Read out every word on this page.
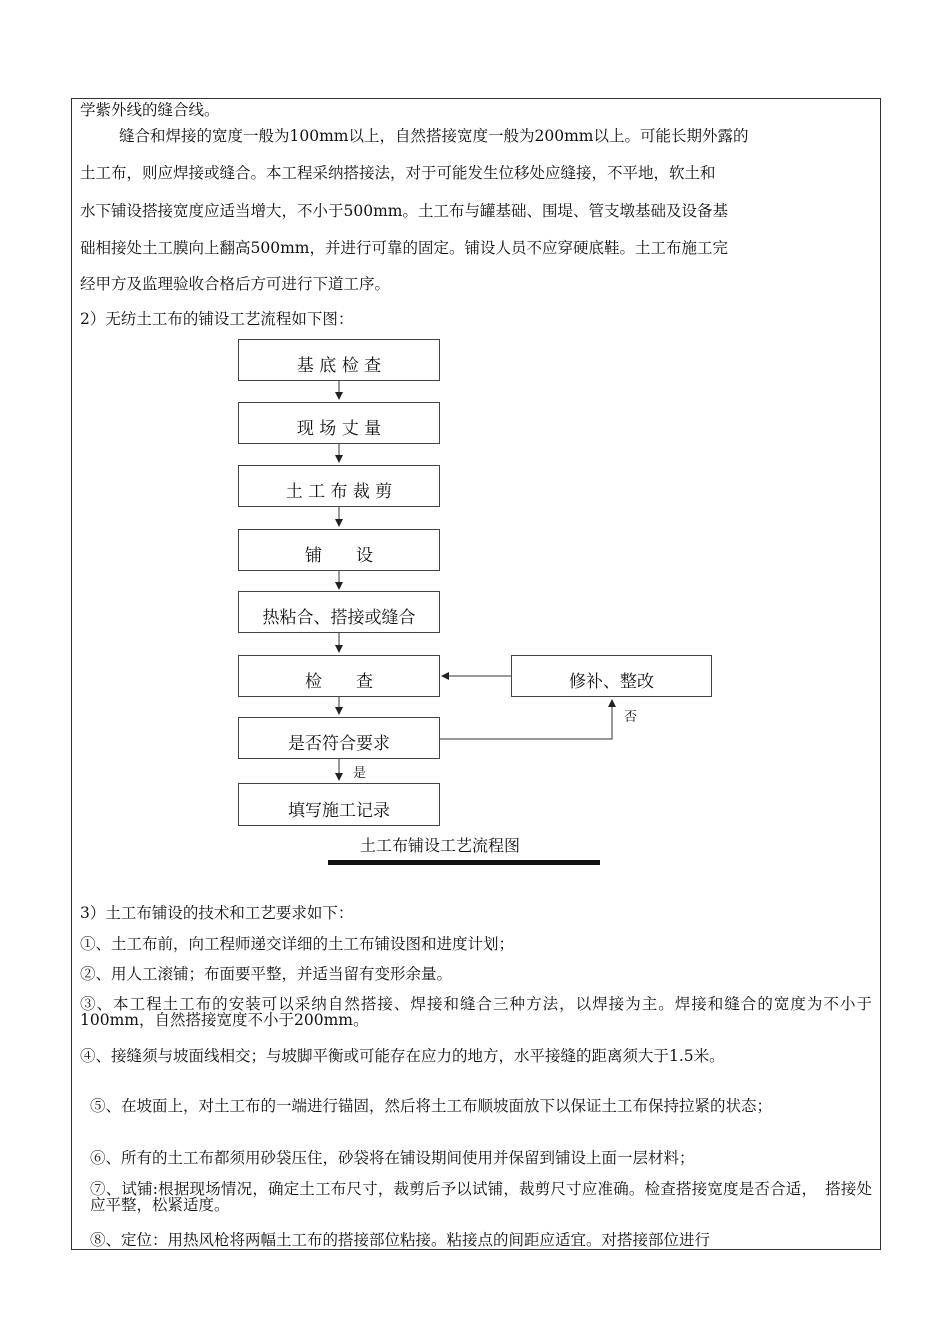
学紫外线的缝合线。
缝合和焊接的宽度一般为100mm以上，自然搭接宽度一般为200mm以上。可能长期外露的
土工布，则应焊接或缝合。本工程采纳搭接法，对于可能发生位移处应缝接，不平地，软土和
水下铺设搭接宽度应适当增大，不小于500mm。土工布与罐基础、围堤、管支墩基础及设备基
础相接处土工膜向上翻高500mm，并进行可靠的固定。铺设人员不应穿硬底鞋。土工布施工完
经甲方及监理验收合格后方可进行下道工序。
2）无纺土工布的铺设工艺流程如下图：
基 底 检 查
现 场 丈 量
土 工 布 裁 剪
铺　　设
热粘合、搭接或缝合
检　　查
是否符合要求
填写施工记录
修补、整改
否
是
土工布铺设工艺流程图
3）土工布铺设的技术和工艺要求如下：
①、土工布前，向工程师递交详细的土工布铺设图和进度计划；
②、用人工滚铺；布面要平整，并适当留有变形余量。
③、本工程土工布的安装可以采纳自然搭接、焊接和缝合三种方法，以焊接为主。焊接和缝合的宽度为不小于100mm，自然搭接宽度不小于200mm。
④、接缝须与坡面线相交；与坡脚平衡或可能存在应力的地方，水平接缝的距离须大于1.5米。
⑤、在坡面上，对土工布的一端进行锚固，然后将土工布顺坡面放下以保证土工布保持拉紧的状态；
⑥、所有的土工布都须用砂袋压住，砂袋将在铺设期间使用并保留到铺设上面一层材料；
⑦、试铺:根据现场情况，确定土工布尺寸，裁剪后予以试铺，裁剪尺寸应准确。检查搭接宽度是否合适，　搭接处应平整，松紧适度。
⑧、定位：用热风枪将两幅土工布的搭接部位粘接。粘接点的间距应适宜。对搭接部位进行
